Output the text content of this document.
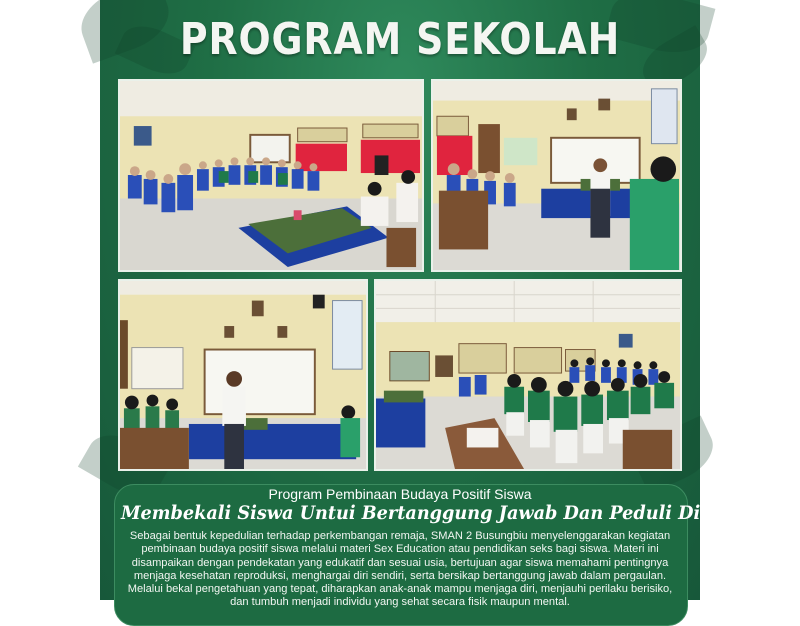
PROGRAM SEKOLAH
Program Pembinaan Budaya Positif Siswa
Membekali Siswa Untui Bertanggung Jawab Dan Peduli Diri
Sebagai bentuk kepedulian terhadap perkembangan remaja, SMAN 2 Busungbiu menyelenggarakan kegiatan pembinaan budaya positif siswa melalui materi Sex Education atau pendidikan seks bagi siswa. Materi ini disampaikan dengan pendekatan yang edukatif dan sesuai usia, bertujuan agar siswa memahami pentingnya menjaga kesehatan reproduksi, menghargai diri sendiri, serta bersikap bertanggung jawab dalam pergaulan. Melalui bekal pengetahuan yang tepat, diharapkan anak-anak mampu menjaga diri, menjauhi perilaku berisiko, dan tumbuh menjadi individu yang sehat secara fisik maupun mental.
